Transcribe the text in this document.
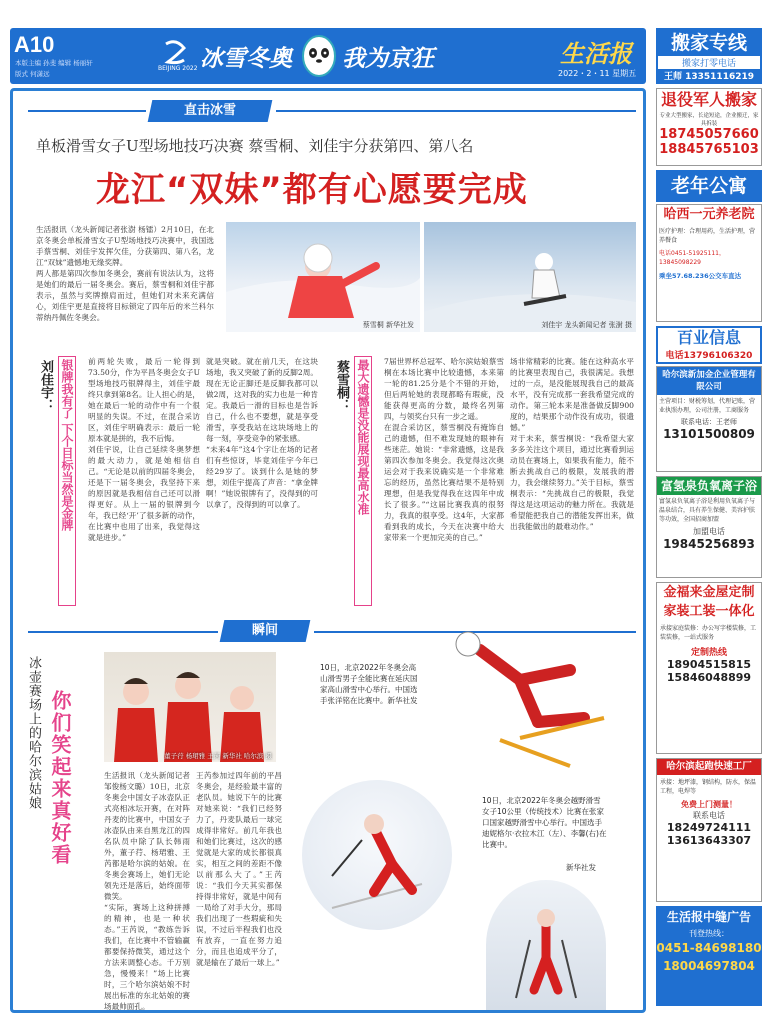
A10
本版主编 孙斐 编辑 杨丽轩
版式 何潇远
冰雪冬奥
BEIJING 2022	我为京狂	生活报
2022・2・11 星期五
直击冰雪
单板滑雪女子U型场地技巧决赛 蔡雪桐、刘佳宇分获第四、第八名
龙江“双妹”都有心愿要完成
生活报讯（龙头新闻记者张澍 杨镭）2月10日，在北京冬奥会单板滑雪女子U型场地技巧决赛中，我国选手蔡雪桐、刘佳宇发挥欠佳，分获第四、第八名，龙江“双妹”遗憾地无缘奖牌。
两人都是第四次参加冬奥会，赛前有说法认为，这将是她们的最后一届冬奥会。赛后，蔡雪桐和刘佳宇都表示，虽然与奖牌擦肩而过，但她们对未来充满信心，刘佳宇更是直接将目标锁定了四年后的米兰科尔蒂纳丹佩佐冬奥会。
蔡雪桐 新华社发	刘佳宇 龙头新闻记者 张澍 摄
刘佳宇： 银牌我有了 下个目标当然是金牌 前两轮失败，最后一轮得到73.50分，作为平昌冬奥会女子U型场地技巧银牌得主，刘佳宇最终只拿到第8名。让人担心的是，她在最后一轮的动作中有一个很明显的失误。不过，在混合采访区，刘佳宇明确表示：最后一轮原本就是拼的，我不后悔。
刘佳宇说，让自己延续冬奥梦想的最大动力，就是她相信自己。“无论是以前的四届冬奥会，还是下一届冬奥会，我坚持下来的原因就是我相信自己还可以滑得更好。从上一届的银牌到今年，我已经‘开’了很多新的动作，在比赛中也用了出来，我觉得这就是进步。”
就是突破。就在前几天，在这块场地，我又突破了新的反脚2周。现在无论正脚还是反脚我都可以做2周，这对我的实力也是一种肯定。我最后一滑的目标也是告诉自己，什么也不要想，就是享受滑雪，享受我站在这块场地上的每一刻，享受竞争的紧张感。
“未来4年”这4个字让在场的记者们有些惊讶，毕竟刘佳宇今年已经29岁了。谈到什么是她的梦想，刘佳宇提高了声音：“拿金牌啊！”她说银牌有了，没得到的可以拿了，没得到的可以拿了。
蔡雪桐： 最大遗憾是没能展现最高水准 7届世界杯总冠军、哈尔滨姑娘蔡雪桐在本场比赛中比较遗憾，本来第一轮的81.25分是个不错的开始，但后两轮她的表现都略有瑕疵，没能获得更高的分数，最终名列第四，与领奖台只有一步之遥。
在混合采访区，蔡雪桐没有掩饰自己的遗憾，但不难发现她的眼神有些迷茫。她说：“非常遗憾，这是我第四次参加冬奥会。我觉得这次奥运会对于我来说确实是一个非常难忘的经历，虽然比赛结果不是特别理想，但是我觉得我在这四年中成长了很多。”“这届比赛我真的很努力，我真的很享受。这4年，大家都看到我的成长，今天在决赛中给大家带来一个更加完美的自己。”
场非常精彩的比赛。能在这种高水平的比赛里表现自己，我很满足。我想过的一点，是没能展现我自己的最高水平，没有完成那一套我希望完成的动作。第三轮本来是准备做反脚900度的，结果那个动作没有成功，很遗憾。”
对于未来，蔡雪桐说：“我希望大家多多关注这个项目，通过比赛看到运动员在赛场上，如果我有能力，能不断去挑战自己的极限，发展我的潜力，我会继续努力。”关于目标，蔡雪桐表示：“先挑战自己的极限，我觉得这是这项运动的魅力所在。我就是希望能把我自己的潜能发挥出来，做出我能做出的最难动作。”
瞬间
冰壶赛场上的哈尔滨姑娘 你们笑起来真好看	董子荇 杨珺雅 王芮 新华社 哈尔滨 摄
生活报讯（龙头新闻记者邹俊杨文璐）10日，北京冬奥会中国女子冰壶队正式亮相冰坛开赛，在对阵丹麦的比赛中，中国女子冰壶队由来自黑龙江的四名队员中除了队长韩雨外，董子荇、杨珺雅、王芮都是哈尔滨的姑娘。在冬奥会赛场上，她们无论领先还是落后，始终面带微笑。
“实际，赛场上这种拼搏的精神，也是一种状态。”王芮说，“教练告诉我们，在比赛中不管输赢都要保持微笑，通过这个方法来调整心态。千万别急，慢慢来！”场上比赛时，三个哈尔滨姑娘不时展出标准的东北姑娘的赛场最帅面孔。
王芮参加过四年前的平昌冬奥会，是经验最丰富的老队员。她说下午的比赛对她来说：“我们已经努力了，丹麦队最后一球完成得非常好。前几年我也和她们比赛过，这次的感觉就是大家的成长都很真实，相互之间的差距不像以前那么大了。”王芮说：“我们今天其实都保持得非常好，就是中间有一局给了对手大分，那局我们出现了一些瑕疵和失误，不过后半程我们也没有放弃，一直在努力追分，而且也追成平分了，就是输在了最后一球上。”
10日，北京2022年冬奥会高山滑雪男子全能比赛在延庆国家高山滑雪中心举行。中国选手张洋铭在比赛中。新华社发
10日，北京2022年冬奥会越野滑雪女子10公里（传统技术）比赛在张家口国家越野滑雪中心举行。中国选手迪妮格尔·衣拉木江（左）、李馨(右)在比赛中。
新华社发
搬家专线
搬家打零电话
王师 13351116219
退役军人搬家
专业大型搬家，长途短途，企业搬迁，家具拆装
18745057660
18845765103
老年公寓
哈西一元养老院
医疗护理：合理用药，生活护理，营养餐食
电话0451-51925111，13845098229
乘坐57.68.236公交车直达
百业信息
电话13796106320
哈尔滨新加金企业管理有限公司
主营项目：财税筹划，代理记账，营业执照办理，公司注册，工商服务
联系电话：王老师
13101500809
富氢泉负氧离子浴
富氢泉负氧离子浴是利用负氧离子与温泉结合，具有养生保健、美容护肤等功效，全国招商加盟
加盟电话
19845256893
金福来金屋定制
家装工装一体化
承接家庭装修：办公写字楼装修，工装装修，一站式服务
定制热线
18904515815
15846048899
哈尔滨起跑快速工厂
承接：地坪漆，钢结构，防水，保温工程，电焊等
免费上门测量！
联系电话
18249724111
13613643307
生活报中缝广告
刊登热线：
0451-84698180
18004697804
